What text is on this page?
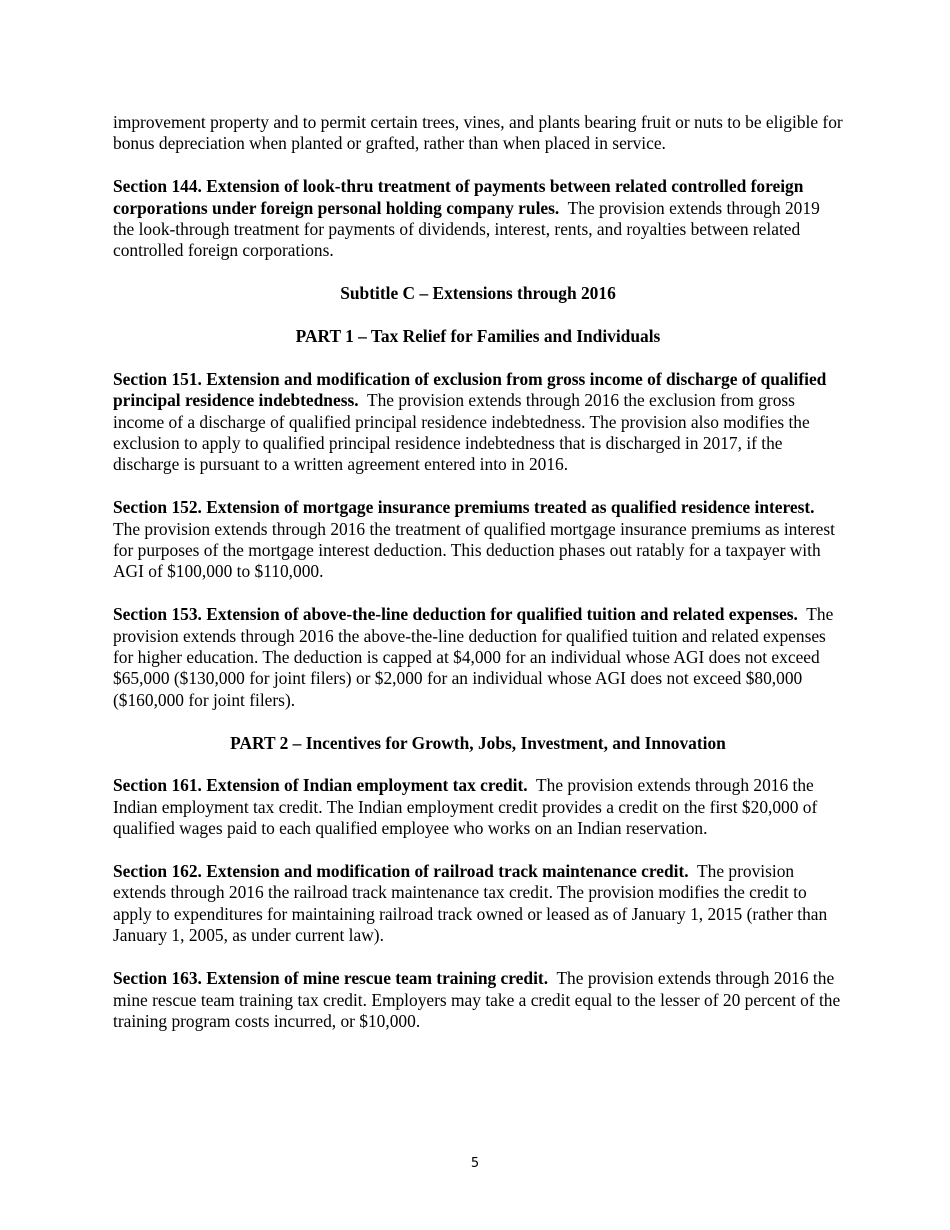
improvement property and to permit certain trees, vines, and plants bearing fruit or nuts to be eligible for bonus depreciation when planted or grafted, rather than when placed in service.

Section 144. Extension of look-thru treatment of payments between related controlled foreign corporations under foreign personal holding company rules. The provision extends through 2019 the look-through treatment for payments of dividends, interest, rents, and royalties between related controlled foreign corporations.

Subtitle C – Extensions through 2016

PART 1 – Tax Relief for Families and Individuals

Section 151. Extension and modification of exclusion from gross income of discharge of qualified principal residence indebtedness. The provision extends through 2016 the exclusion from gross income of a discharge of qualified principal residence indebtedness. The provision also modifies the exclusion to apply to qualified principal residence indebtedness that is discharged in 2017, if the discharge is pursuant to a written agreement entered into in 2016.

Section 152. Extension of mortgage insurance premiums treated as qualified residence interest.  The provision extends through 2016 the treatment of qualified mortgage insurance premiums as interest for purposes of the mortgage interest deduction. This deduction phases out ratably for a taxpayer with AGI of $100,000 to $110,000.

Section 153. Extension of above-the-line deduction for qualified tuition and related expenses. The provision extends through 2016 the above-the-line deduction for qualified tuition and related expenses for higher education. The deduction is capped at $4,000 for an individual whose AGI does not exceed $65,000 ($130,000 for joint filers) or $2,000 for an individual whose AGI does not exceed $80,000 ($160,000 for joint filers).

PART 2 – Incentives for Growth, Jobs, Investment, and Innovation

Section 161. Extension of Indian employment tax credit. The provision extends through 2016 the Indian employment tax credit. The Indian employment credit provides a credit on the first $20,000 of qualified wages paid to each qualified employee who works on an Indian reservation.

Section 162. Extension and modification of railroad track maintenance credit. The provision extends through 2016 the railroad track maintenance tax credit. The provision modifies the credit to apply to expenditures for maintaining railroad track owned or leased as of January 1, 2015 (rather than January 1, 2005, as under current law).

Section 163. Extension of mine rescue team training credit. The provision extends through 2016 the mine rescue team training tax credit. Employers may take a credit equal to the lesser of 20 percent of the training program costs incurred, or $10,000.

5
